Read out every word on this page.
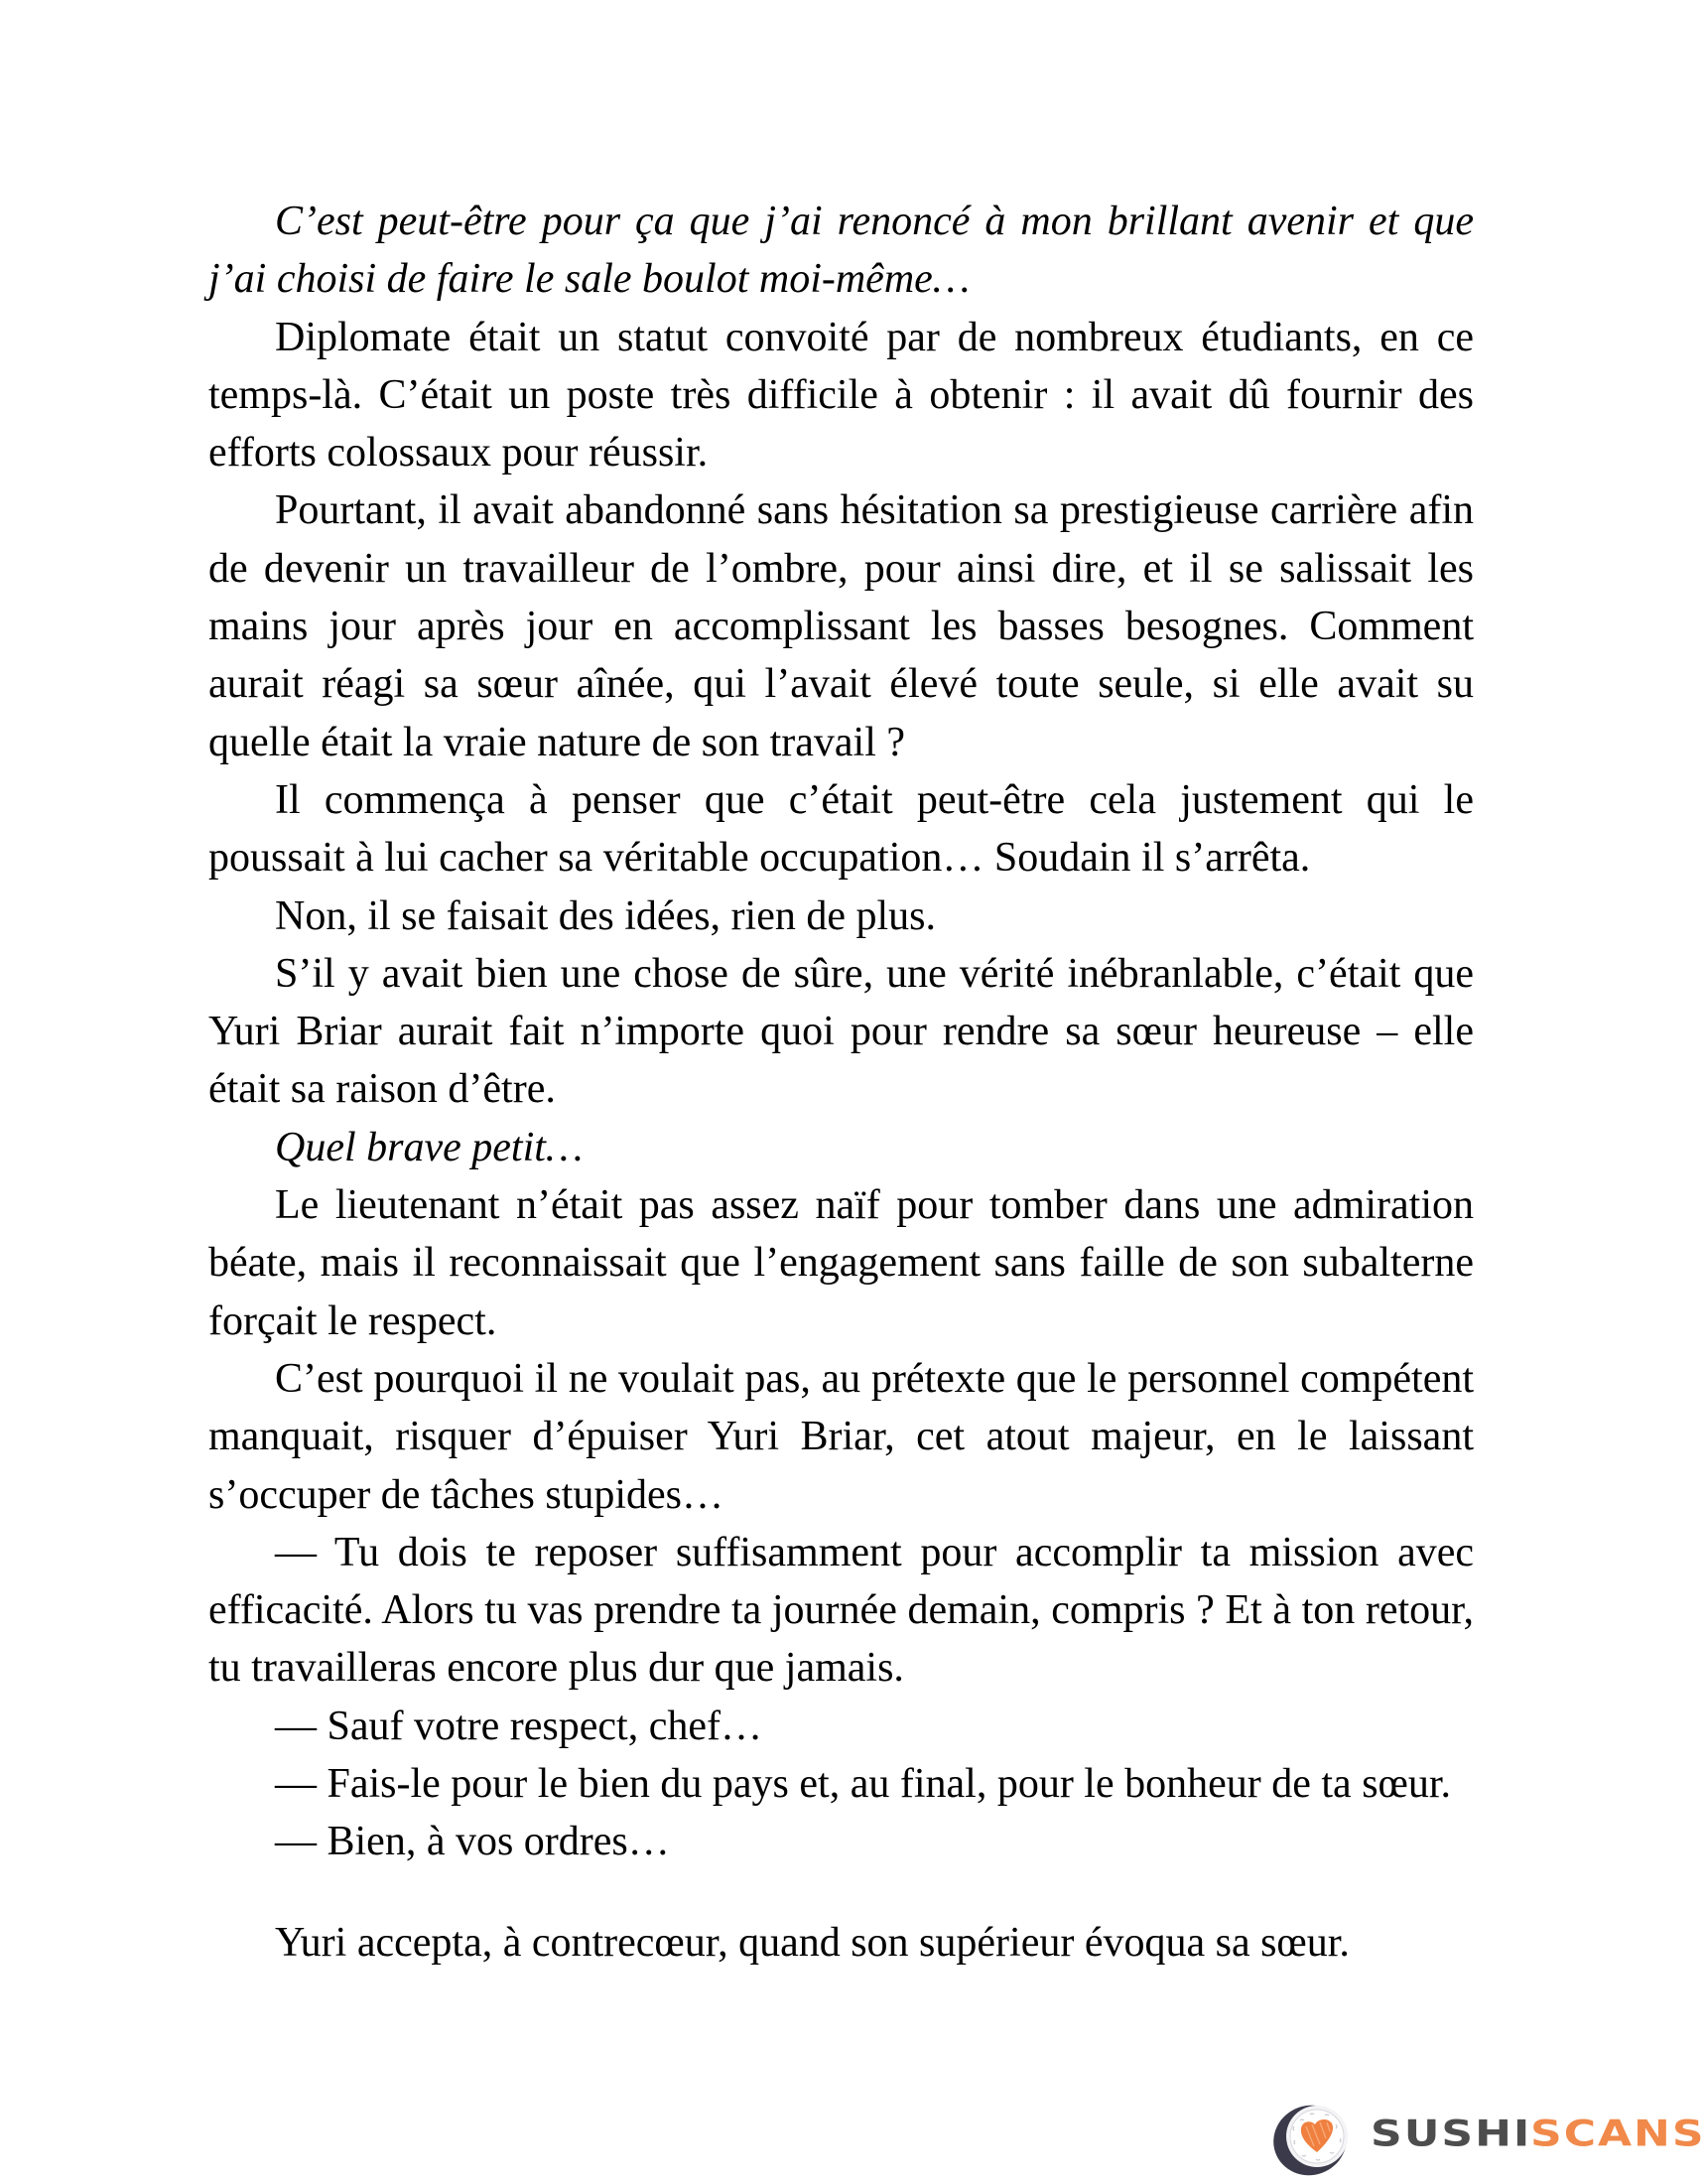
C’est peut-être pour ça que j’ai renoncé à mon brillant avenir et que j’ai choisi de faire le sale boulot moi-même…

Diplomate était un statut convoité par de nombreux étudiants, en ce temps-là. C’était un poste très difficile à obtenir : il avait dû fournir des efforts colossaux pour réussir.

Pourtant, il avait abandonné sans hésitation sa prestigieuse carrière afin de devenir un travailleur de l’ombre, pour ainsi dire, et il se salissait les mains jour après jour en accomplissant les basses besognes. Comment aurait réagi sa sœur aînée, qui l’avait élevé toute seule, si elle avait su quelle était la vraie nature de son travail ?

Il commença à penser que c’était peut-être cela justement qui le poussait à lui cacher sa véritable occupation… Soudain il s’arrêta.

Non, il se faisait des idées, rien de plus.

S’il y avait bien une chose de sûre, une vérité inébranlable, c’était que Yuri Briar aurait fait n’importe quoi pour rendre sa sœur heureuse – elle était sa raison d’être.

Quel brave petit…

Le lieutenant n’était pas assez naïf pour tomber dans une admiration béate, mais il reconnaissait que l’engagement sans faille de son subalterne forçait le respect.

C’est pourquoi il ne voulait pas, au prétexte que le personnel compétent manquait, risquer d’épuiser Yuri Briar, cet atout majeur, en le laissant s’occuper de tâches stupides…

— Tu dois te reposer suffisamment pour accomplir ta mission avec efficacité. Alors tu vas prendre ta journée demain, compris ? Et à ton retour, tu travailleras encore plus dur que jamais.

— Sauf votre respect, chef…

— Fais-le pour le bien du pays et, au final, pour le bonheur de ta sœur.

— Bien, à vos ordres…

Yuri accepta, à contrecœur, quand son supérieur évoqua sa sœur.

SUSHI
SCANS
